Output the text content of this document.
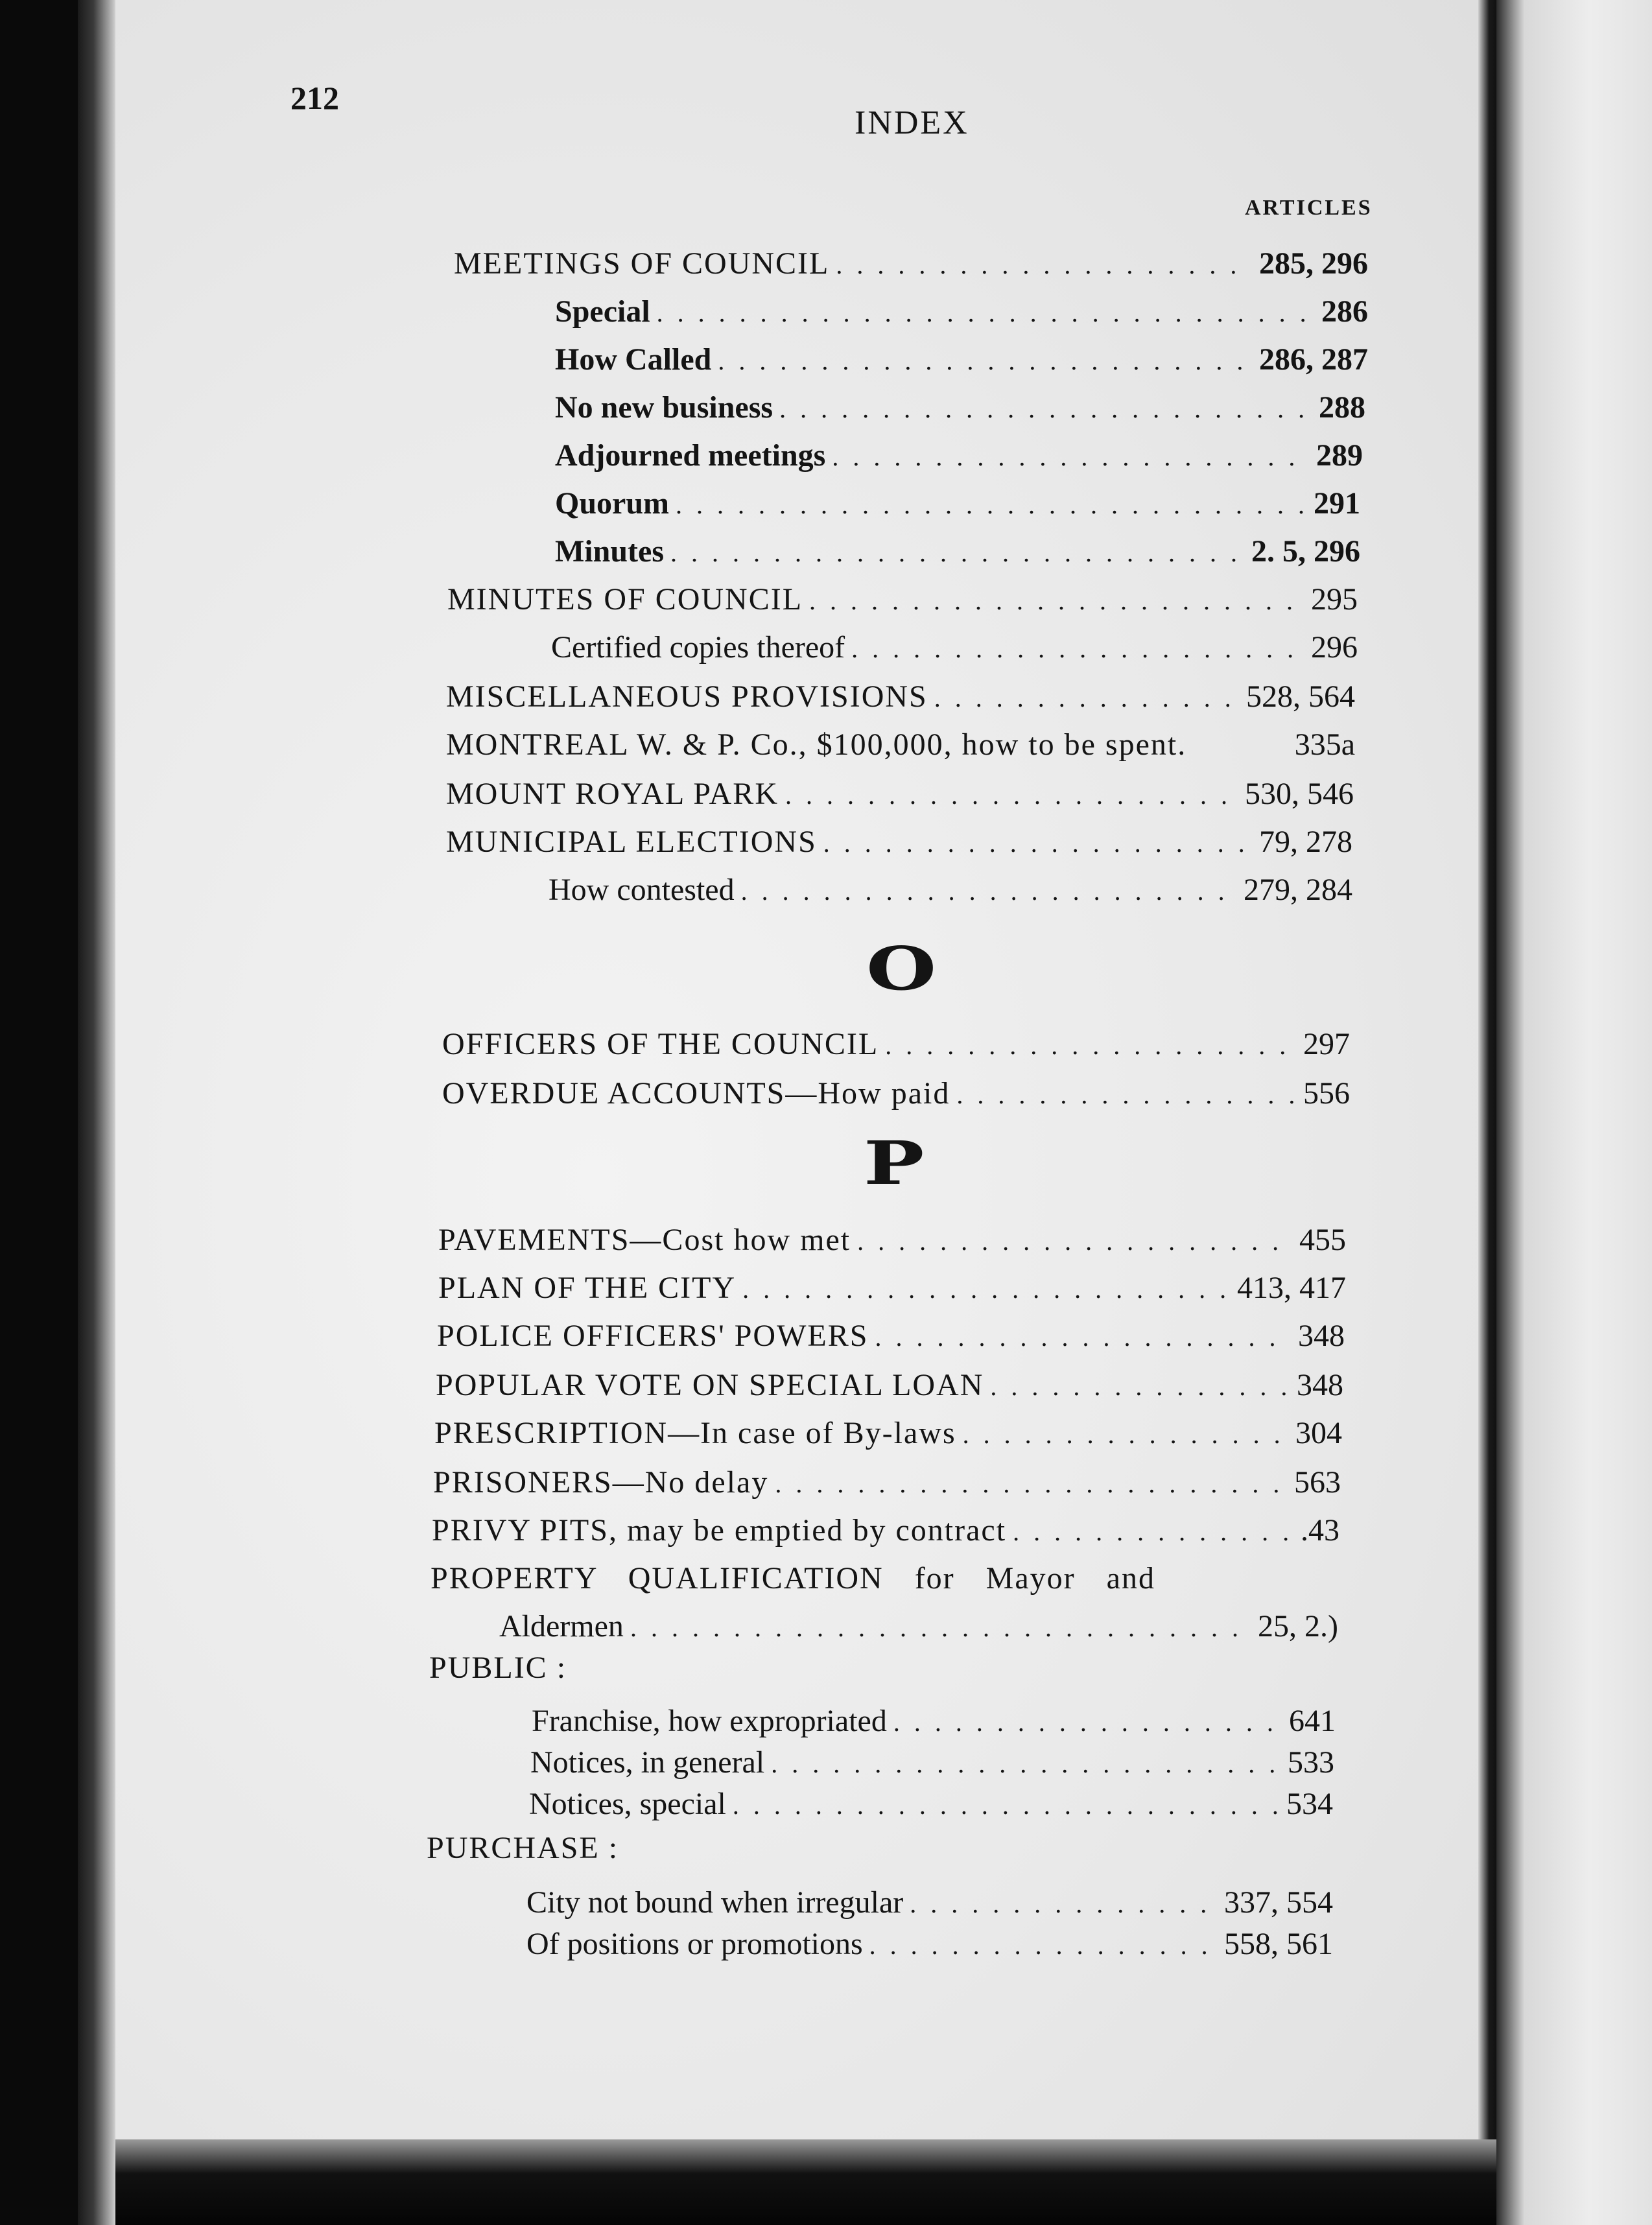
212
INDEX
ARTICLES
MEETINGS OF COUNCIL . . .	285, 296
Special . . .	286
How Called . . .	286, 287
No new business . . .	288
Adjourned meetings . . .	289
Quorum . . .	291
Minutes . . .	2. 5, 296
MINUTES OF COUNCIL . . .	295
Certified copies thereof . . .	296
MISCELLANEOUS PROVISIONS . . .	528, 564
MONTREAL W. & P. Co., $100,000, how to be spent.	335a
MOUNT ROYAL PARK . . .	530, 546
MUNICIPAL ELECTIONS . . .	79, 278
How contested . . .	279, 284
O
OFFICERS OF THE COUNCIL . . .	297
OVERDUE ACCOUNTS—How paid . . .	556
P
PAVEMENTS—Cost how met . . .	455
PLAN OF THE CITY . . .	413, 417
POLICE OFFICERS' POWERS . . .	348
POPULAR VOTE ON SPECIAL LOAN . . .	348
PRESCRIPTION—In case of By-laws . . .	304
PRISONERS—No delay . . .	563
PRIVY PITS, may be emptied by contract . . .	.43
PROPERTY QUALIFICATION for Mayor and
Aldermen . . .	25, 2.)
PUBLIC :
Franchise, how expropriated . . .	641
Notices, in general . . .	533
Notices, special . . .	534
PURCHASE :
City not bound when irregular . . .	337, 554
Of positions or promotions . . .	558, 561
